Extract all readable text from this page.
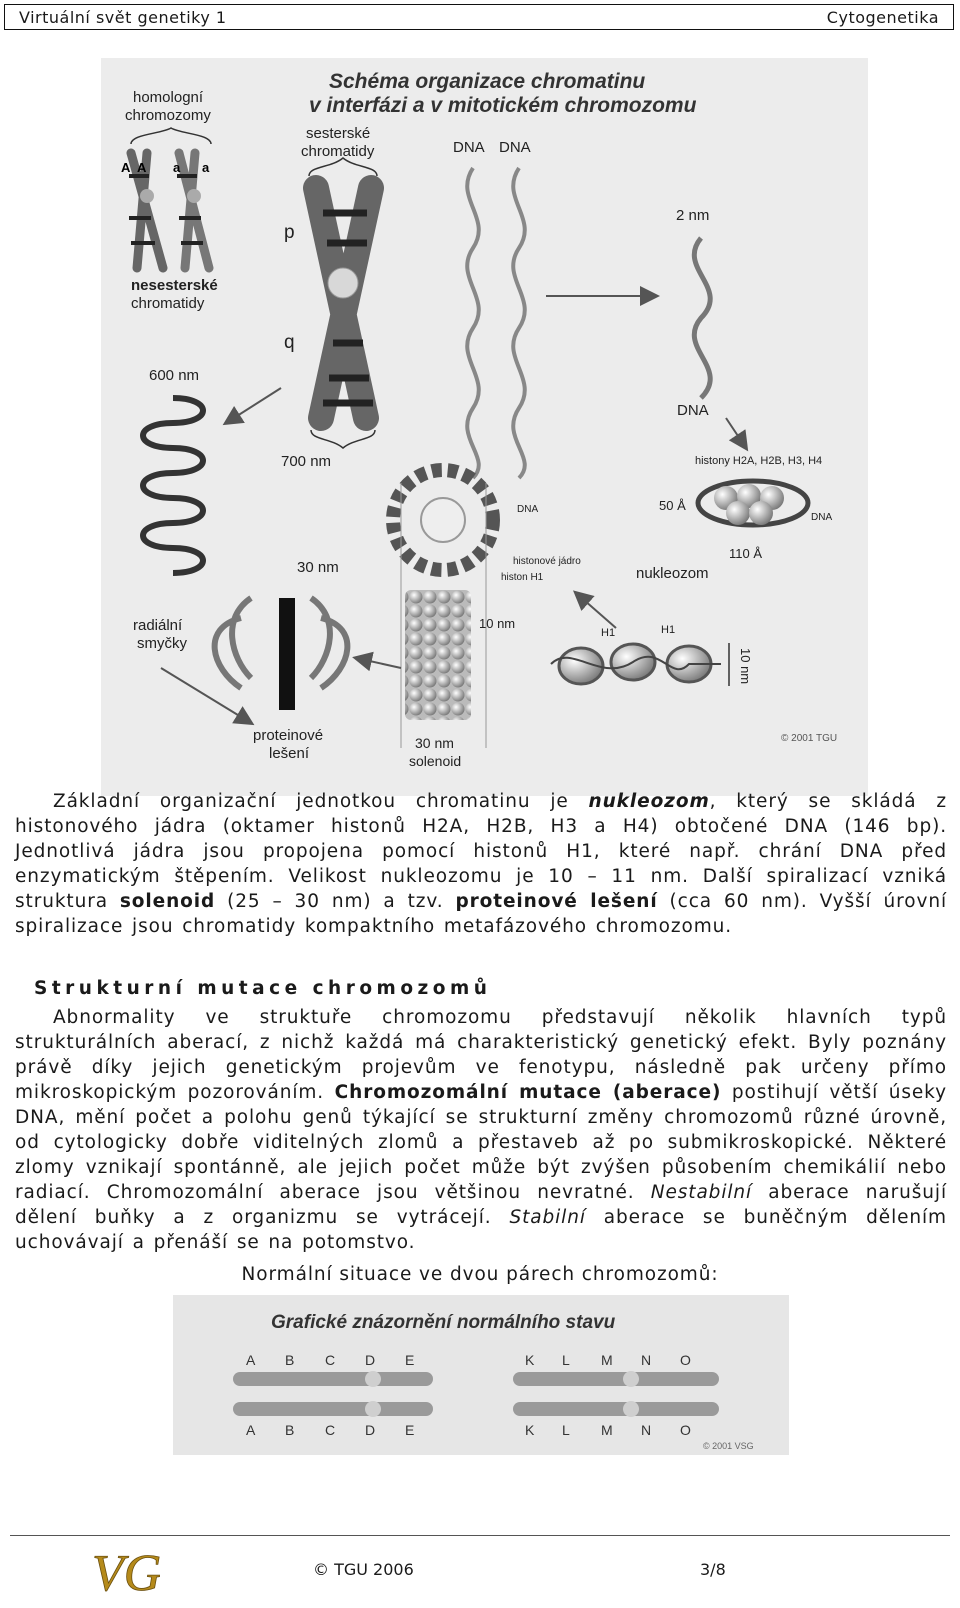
Virtuální svět genetiky 1	Cytogenetika
Schéma organizace chromatinu
v interfázi a v mitotickém chromozomu
homologní
chromozomy
A A a a
nesesterské
chromatidy
sesterské
chromatidy
p
q
700 nm
DNA DNA
2 nm
DNA
600 nm
radiální
smyčky
DNA
histonové jádro
histon H1
histony H2A, H2B, H3, H4
50 Å
DNA
110 Å
nukleozom
H1	H1
10 nm
10 nm
30 nm
solenoid
30 nm
proteinové
lešení
© 2001 TGU
Základní organizační jednotkou chromatinu je nukleozom, který se skládá z histonového jádra (oktamer histonů H2A, H2B, H3 a H4) obtočené DNA (146 bp). Jednotlivá jádra jsou propojena pomocí histonů H1, které např. chrání DNA před enzymatickým štěpením. Velikost nukleozomu je 10 – 11 nm. Další spiralizací vzniká struktura solenoid (25 – 30 nm) a tzv. proteinové lešení (cca 60 nm). Vyšší úrovní spiralizace jsou chromatidy kompaktního metafázového chromozomu.
Strukturní mutace chromozomů
Abnormality ve struktuře chromozomu představují několik hlavních typů strukturálních aberací, z nichž každá má charakteristický genetický efekt. Byly poznány právě díky jejich genetickým projevům ve fenotypu, následně pak určeny přímo mikroskopickým pozorováním. Chromozomální mutace (aberace) postihují větší úseky DNA, mění počet a polohu genů týkající se strukturní změny chromozomů různé úrovně, od cytologicky dobře viditelných zlomů a přestaveb až po submikroskopické. Některé zlomy vznikají spontánně, ale jejich počet může být zvýšen působením chemikálií nebo radiací. Chromozomální aberace jsou většinou nevratné. Nestabilní aberace narušují dělení buňky a z organizmu se vytrácejí. Stabilní aberace se buněčným dělením uchovávají a přenáší se na potomstvo.
Normální situace ve dvou párech chromozomů:
Grafické znázornění normálního stavu
A B C D E
A B C D E
K L M N O
K L M N O
© 2001 VSG
VG	© TGU 2006	3/8
